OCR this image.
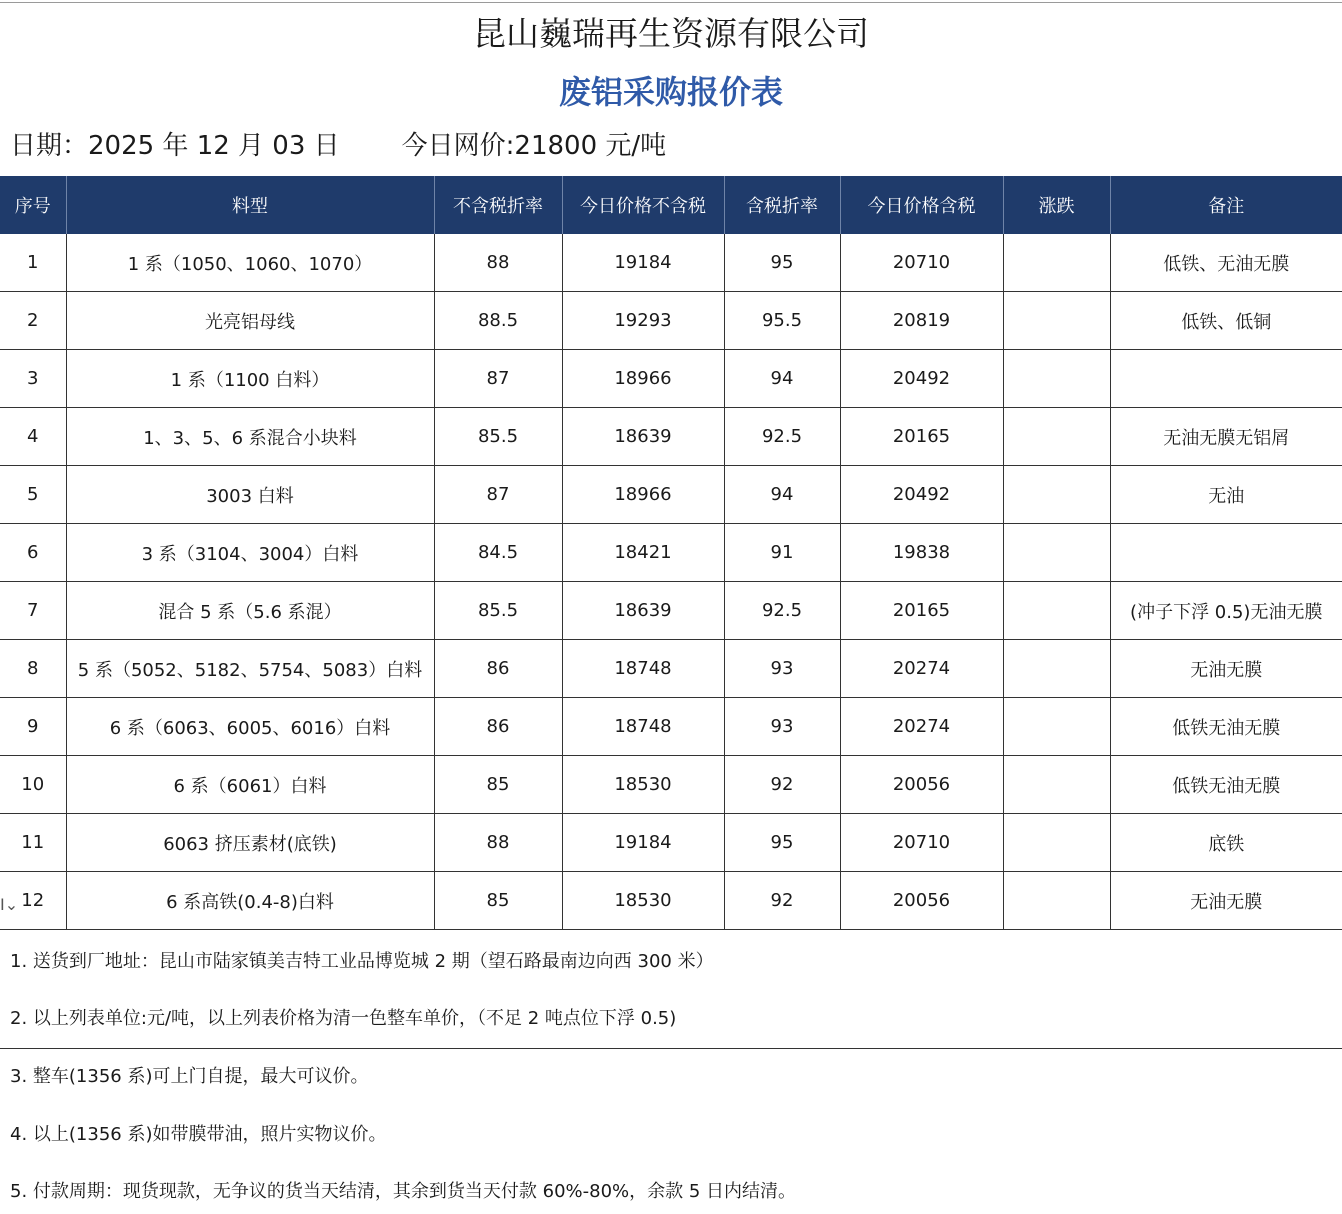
昆山巍瑞再生资源有限公司
废铝采购报价表
日期：2025 年 12 月 03 日 今日网价:21800 元/吨
序号	料型	不含税折率	今日价格不含税	含税折率	今日价格含税	涨跌	备注
1	1 系（1050、1060、1070）	88	19184	95	20710		低铁、无油无膜
2	光亮铝母线	88.5	19293	95.5	20819		低铁、低铜
3	1 系（1100 白料）	87	18966	94	20492		
4	1、3、5、6 系混合小块料	85.5	18639	92.5	20165		无油无膜无铝屑
5	3003 白料	87	18966	94	20492		无油
6	3 系（3104、3004）白料	84.5	18421	91	19838		
7	混合 5 系（5.6 系混）	85.5	18639	92.5	20165		(冲子下浮 0.5)无油无膜
8	5 系（5052、5182、5754、5083）白料	86	18748	93	20274		无油无膜
9	6 系（6063、6005、6016）白料	86	18748	93	20274		低铁无油无膜
10	6 系（6061）白料	85	18530	92	20056		低铁无油无膜
11	6063 挤压素材(底铁)	88	19184	95	20710		底铁
12	6 系高铁(0.4-8)白料	85	18530	92	20056		无油无膜
I⌄
1. 送货到厂地址：昆山市陆家镇美吉特工业品博览城 2 期（望石路最南边向西 300 米）
2. 以上列表单位:元/吨，以上列表价格为清一色整车单价，（不足 2 吨点位下浮 0.5)
3. 整车(1356 系)可上门自提，最大可议价。
4. 以上(1356 系)如带膜带油，照片实物议价。
5. 付款周期：现货现款，无争议的货当天结清，其余到货当天付款 60%-80%，余款 5 日内结清。
